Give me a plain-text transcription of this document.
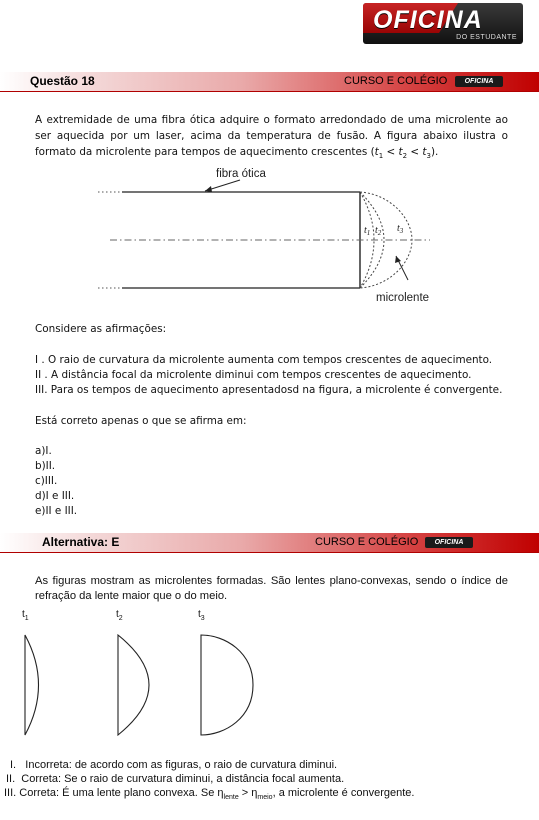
OFICINA
DO ESTUDANTE
Questão 18	CURSO E COLÉGIO	OFICINA
A extremidade de uma fibra ótica adquire o formato arredondado de uma microlente ao ser aquecida por um laser, acima da temperatura de fusão. A figura abaixo ilustra o formato da microlente para tempos de aquecimento crescentes $(t_1 < t_2 < t_3)$.
fibra ótica
microlente
$t_1$ $t_2$ $t_3$
Considere as afirmações:
I . O raio de curvatura da microlente aumenta com tempos crescentes de aquecimento.
II . A distância focal da microlente diminui com tempos crescentes de aquecimento.
III. Para os tempos de aquecimento apresentadosd na figura, a microlente é convergente.
Está correto apenas o que se afirma em:
a)I.
b)II.
c)III.
d)I e III.
e)II e III.
Alternativa: E	CURSO E COLÉGIO	OFICINA
As figuras mostram as microlentes formadas. São lentes plano-convexas, sendo o índice de refração da lente maior que o do meio.
$t_1$	$t_2$	$t_3$
I. Incorreta: de acordo com as figuras, o raio de curvatura diminui.
II. Correta: Se o raio de curvatura diminui, a distância focal aumenta.
III. Correta: É uma lente plano convexa. Se $\eta_{lente} > \eta_{meio}$, a microlente é convergente.
